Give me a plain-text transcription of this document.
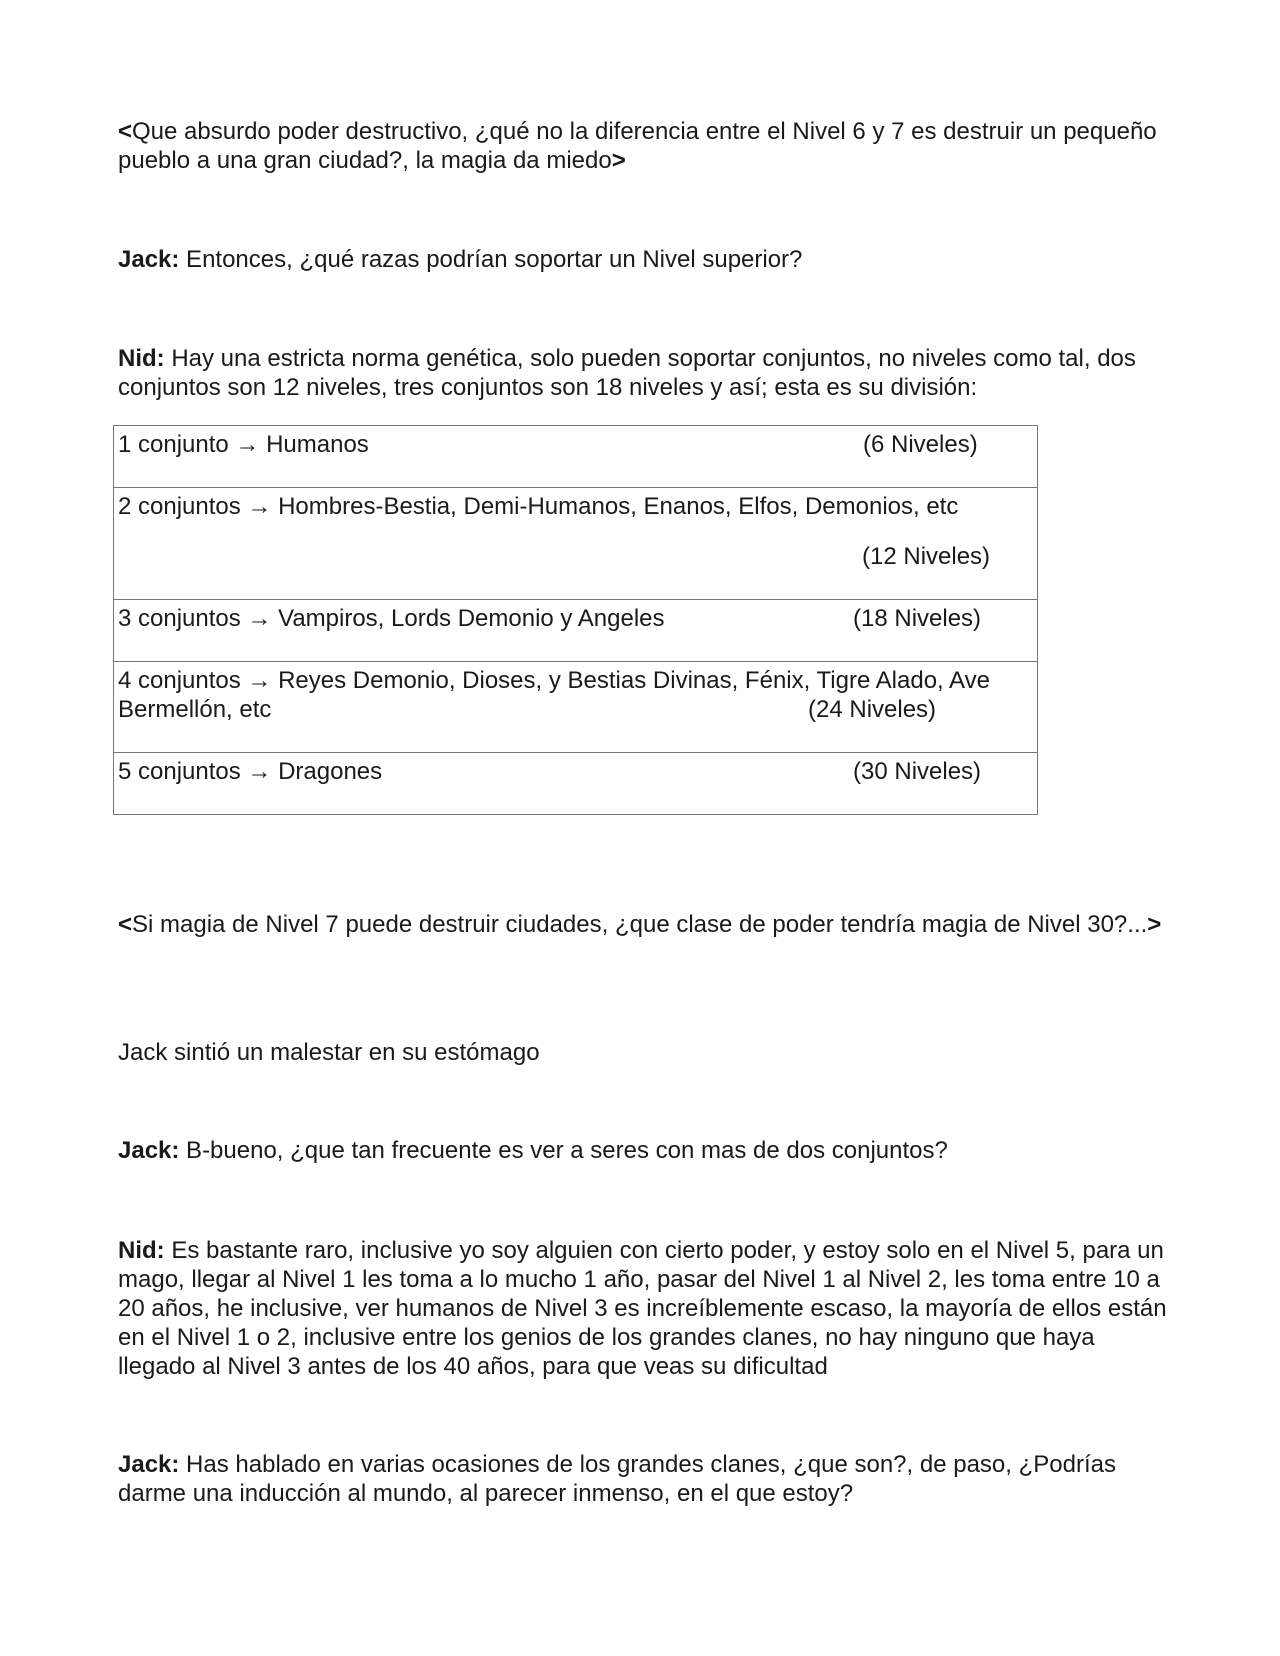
<Que absurdo poder destructivo, ¿qué no la diferencia entre el Nivel 6 y 7 es destruir un pequeño pueblo a una gran ciudad?, la magia da miedo>

Jack: Entonces, ¿qué razas podrían soportar un Nivel superior?

Nid: Hay una estricta norma genética, solo pueden soportar conjuntos, no niveles como tal, dos conjuntos son 12 niveles, tres conjuntos son 18 niveles y así; esta es su división:

1 conjunto → Humanos	(6 Niveles)

2 conjuntos → Hombres-Bestia, Demi-Humanos, Enanos, Elfos, Demonios, etc
(12 Niveles)

3 conjuntos → Vampiros, Lords Demonio y Angeles	(18 Niveles)

4 conjuntos → Reyes Demonio, Dioses, y Bestias Divinas, Fénix, Tigre Alado, Ave
Bermellón, etc	(24 Niveles)

5 conjuntos → Dragones	(30 Niveles)

<Si magia de Nivel 7 puede destruir ciudades, ¿que clase de poder tendría magia de Nivel 30?...>

Jack sintió un malestar en su estómago

Jack: B-bueno, ¿que tan frecuente es ver a seres con mas de dos conjuntos?

Nid: Es bastante raro, inclusive yo soy alguien con cierto poder, y estoy solo en el Nivel 5, para un mago, llegar al Nivel 1 les toma a lo mucho 1 año, pasar del Nivel 1 al Nivel 2, les toma entre 10 a 20 años, he inclusive, ver humanos de Nivel 3 es increíblemente escaso, la mayoría de ellos están en el Nivel 1 o 2, inclusive entre los genios de los grandes clanes, no hay ninguno que haya llegado al Nivel 3 antes de los 40 años, para que veas su dificultad

Jack: Has hablado en varias ocasiones de los grandes clanes, ¿que son?, de paso, ¿Podrías darme una inducción al mundo, al parecer inmenso, en el que estoy?
